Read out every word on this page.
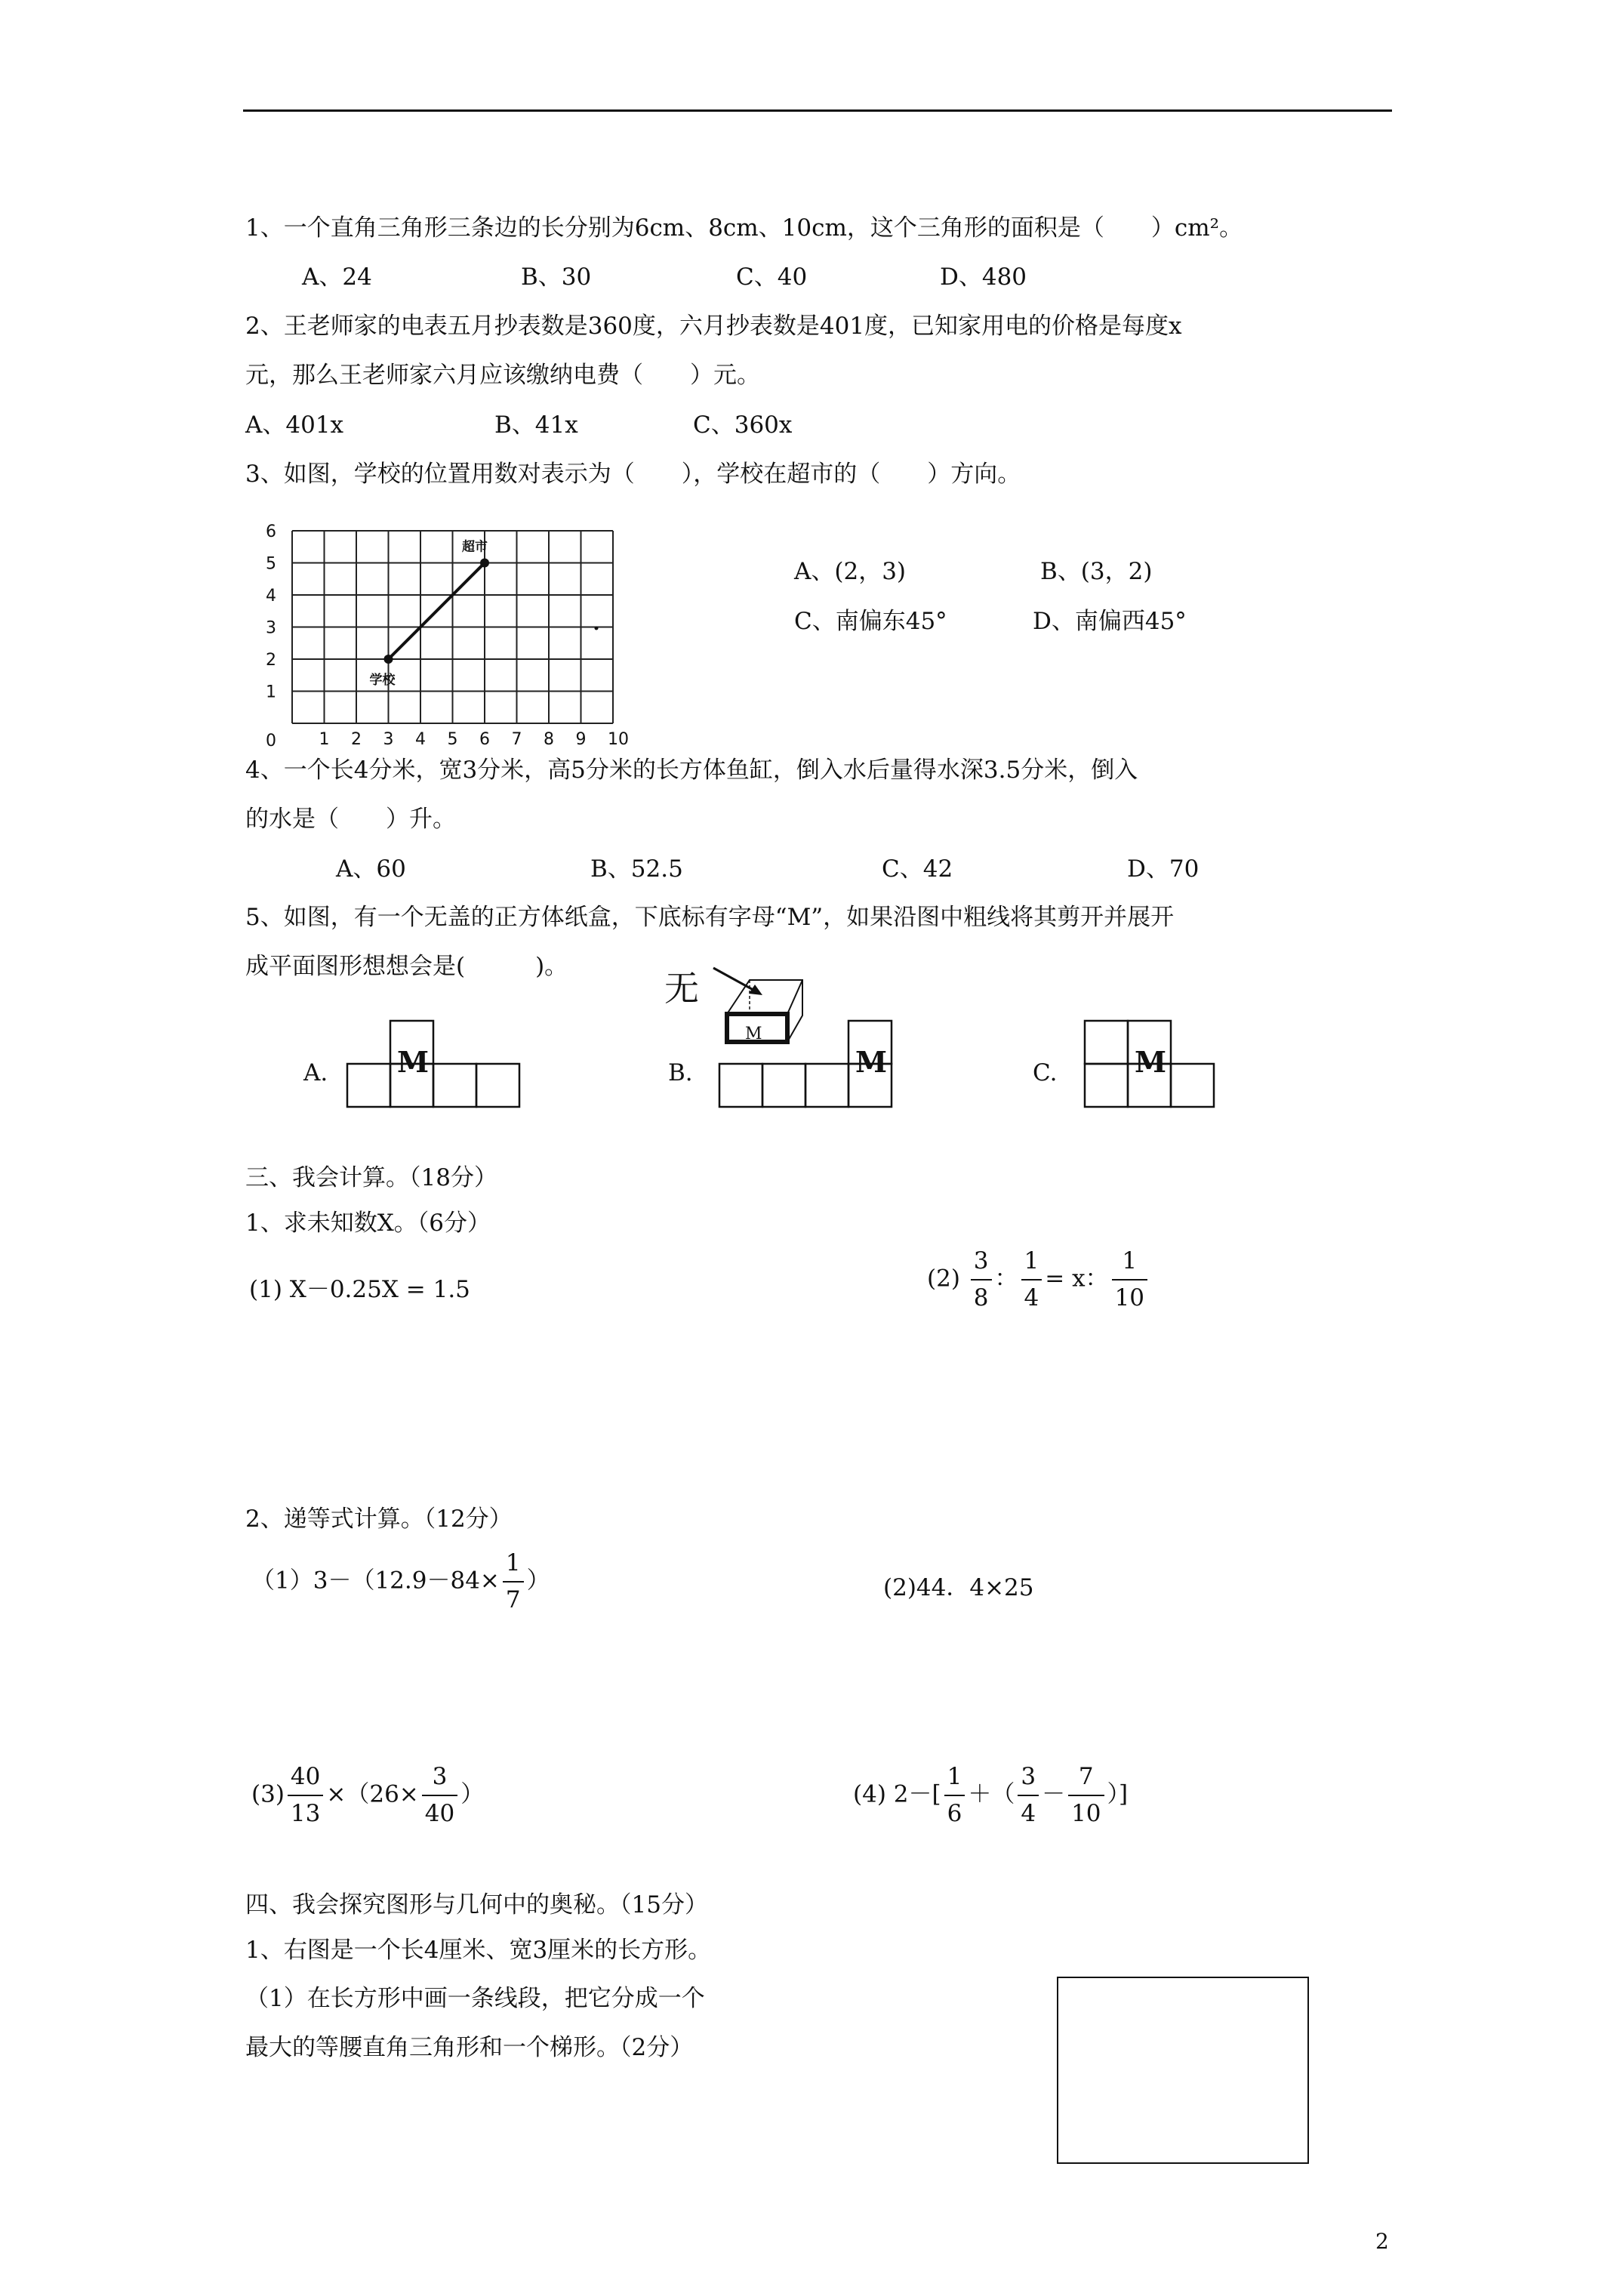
1、一个直角三角形三条边的长分别为6cm、8cm、10cm，这个三角形的面积是（　　）cm²。
A、24	B、30	C、40	D、480
2、王老师家的电表五月抄表数是360度，六月抄表数是401度，已知家用电的价格是每度x
元，那么王老师家六月应该缴纳电费（　　）元。
A、401x	B、41x	C、360x
3、如图，学校的位置用数对表示为（　　），学校在超市的（　　）方向。
1 2 3 4 5 6 7 8 9 10
0
1
2
3
4
5
6
学校
超市
A、(2，3)	B、(3，2)
C、南偏东45°	D、南偏西45°
4、一个长4分米，宽3分米，高5分米的长方体鱼缸，倒入水后量得水深3.5分米，倒入
的水是（　　）升。
A、60	B、52.5	C、42	D、70
5、如图，有一个无盖的正方体纸盒，下底标有字母“M”，如果沿图中粗线将其剪开并展开
成平面图形想想会是(　　　)。
无
M
A.	B.	C.
M	M	M
三、我会计算。（18分）
1、求未知数X。（6分）
(1) X－0.25X = 1.5	$(2) \frac{3}{8}$ ： $\frac{1}{4} = x$： $\frac{1}{10}$
2、递等式计算。（12分）
$(1)3-(12.9-84\times \frac{1}{7}$ ）	(2)44．4×25
$(3) \frac{40}{13} \times(26\times \frac{3}{40}$ ）	(4) $2-[ \frac{1}{6}$ ＋（ $\frac{3}{4} - \frac{7}{10}$ ）]
四、我会探究图形与几何中的奥秘。（15分）
1、右图是一个长4厘米、宽3厘米的长方形。
（1）在长方形中画一条线段，把它分成一个
最大的等腰直角三角形和一个梯形。（2分）
2
